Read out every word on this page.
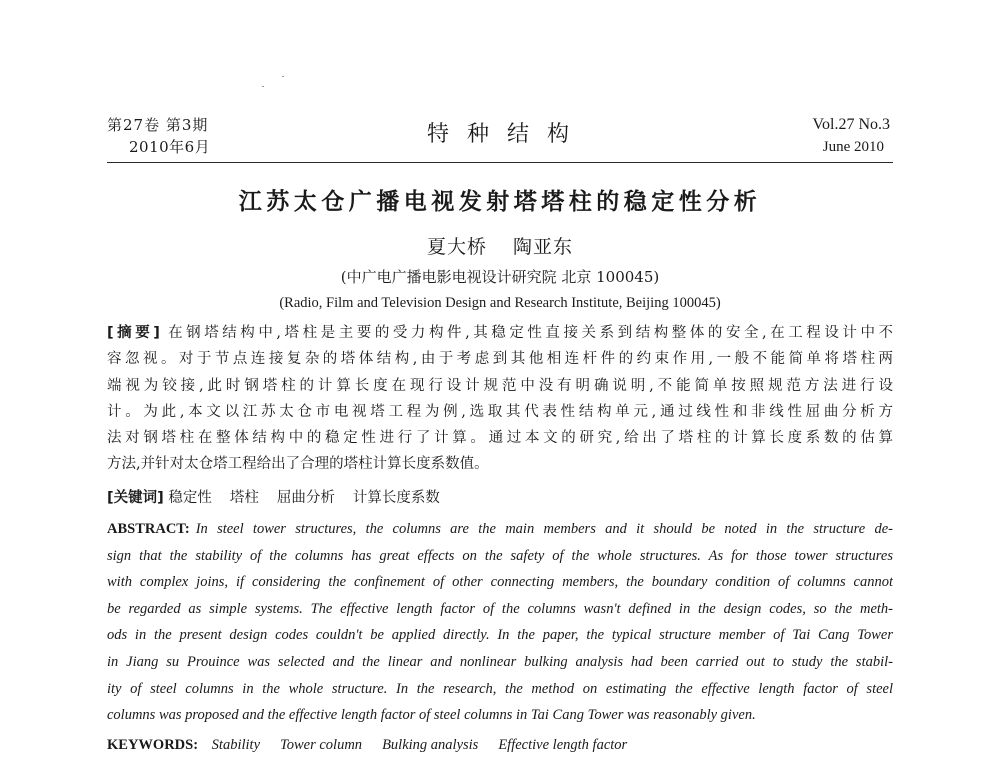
第27卷 第3期
2010年6月	特种结构	Vol.27 No.3
June 2010
江苏太仓广播电视发射塔塔柱的稳定性分析
夏大桥 陶亚东
(中广电广播电影电视设计研究院 北京 100045)
(Radio, Film and Television Design and Research Institute, Beijing 100045)
[摘要] 在钢塔结构中,塔柱是主要的受力构件,其稳定性直接关系到结构整体的安全,在工程设计中不
容忽视。对于节点连接复杂的塔体结构,由于考虑到其他相连杆件的约束作用,一般不能简单将塔柱两
端视为铰接,此时钢塔柱的计算长度在现行设计规范中没有明确说明,不能简单按照规范方法进行设
计。为此,本文以江苏太仓市电视塔工程为例,选取其代表性结构单元,通过线性和非线性屈曲分析方
法对钢塔柱在整体结构中的稳定性进行了计算。通过本文的研究,给出了塔柱的计算长度系数的估算
方法,并针对太仓塔工程给出了合理的塔柱计算长度系数值。
[关键词] 稳定性 塔柱 屈曲分析 计算长度系数
ABSTRACT: In steel tower structures, the columns are the main members and it should be noted in the structure de-
sign that the stability of the columns has great effects on the safety of the whole structures. As for those tower structures
with complex joins, if considering the confinement of other connecting members, the boundary condition of columns cannot
be regarded as simple systems. The effective length factor of the columns wasn't defined in the design codes, so the meth-
ods in the present design codes couldn't be applied directly. In the paper, the typical structure member of Tai Cang Tower
in Jiang su Prouince was selected and the linear and nonlinear bulking analysis had been carried out to study the stabil-
ity of steel columns in the whole structure. In the research, the method on estimating the effective length factor of steel
columns was proposed and the effective length factor of steel columns in Tai Cang Tower was reasonably given.
KEYWORDS: Stability Tower column Bulking analysis Effective length factor
